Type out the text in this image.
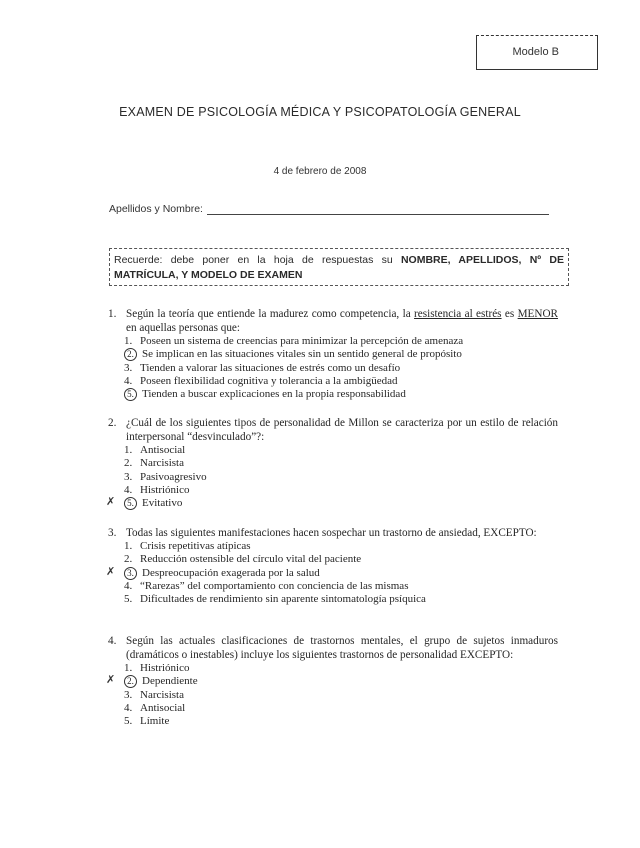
Modelo B
EXAMEN DE PSICOLOGÍA MÉDICA Y PSICOPATOLOGÍA GENERAL
4 de febrero de 2008
Apellidos y Nombre:
Recuerde: debe poner en la hoja de respuestas su NOMBRE, APELLIDOS, Nº DE MATRÍCULA, Y MODELO DE EXAMEN
1. Según la teoría que entiende la madurez como competencia, la resistencia al estrés es MENOR en aquellas personas que:
1. Poseen un sistema de creencias para minimizar la percepción de amenaza
2. Se implican en las situaciones vitales sin un sentido general de propósito
3. Tienden a valorar las situaciones de estrés como un desafío
4. Poseen flexibilidad cognitiva y tolerancia a la ambigüedad
5. Tienden a buscar explicaciones en la propia responsabilidad
2. ¿Cuál de los siguientes tipos de personalidad de Millon se caracteriza por un estilo de relación interpersonal “desvinculado”?:
1. Antisocial
2. Narcisista
3. Pasivoagresivo
4. Histriónico
✗	5. Evitativo
3. Todas las siguientes manifestaciones hacen sospechar un trastorno de ansiedad, EXCEPTO:
1. Crisis repetitivas atípicas
2. Reducción ostensible del círculo vital del paciente
✗	3. Despreocupación exagerada por la salud
4. “Rarezas” del comportamiento con conciencia de las mismas
5. Dificultades de rendimiento sin aparente sintomatología psíquica
4. Según las actuales clasificaciones de trastornos mentales, el grupo de sujetos inmaduros (dramáticos o inestables) incluye los siguientes trastornos de personalidad EXCEPTO:
1. Histriónico
✗	2. Dependiente
3. Narcisista
4. Antisocial
5. Límite
